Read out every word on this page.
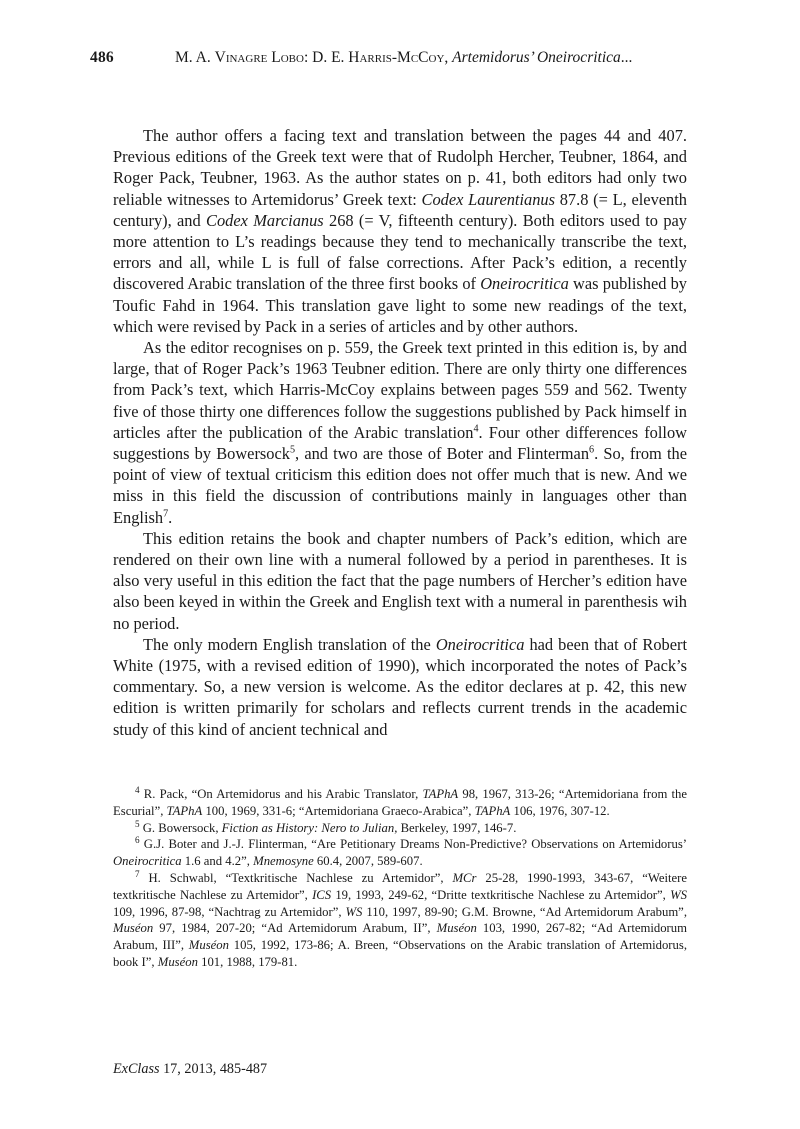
486	M. A. Vinagre Lobo: D. E. Harris-McCoy, Artemidorus’ Oneirocritica...

The author offers a facing text and translation between the pages 44 and 407. Previous editions of the Greek text were that of Rudolph Hercher, Teubner, 1864, and Roger Pack, Teubner, 1963. As the author states on p. 41, both editors had only two reliable witnesses to Artemidorus’ Greek text: Codex Laurentianus 87.8 (= L, eleventh century), and Codex Marcianus 268 (= V, fifteenth century). Both editors used to pay more attention to L’s readings because they tend to mechanically transcribe the text, errors and all, while L is full of false corrections. After Pack’s edition, a recently discovered Arabic translation of the three first books of Oneirocritica was published by Toufic Fahd in 1964. This translation gave light to some new readings of the text, which were revised by Pack in a series of articles and by other authors.

As the editor recognises on p. 559, the Greek text printed in this edition is, by and large, that of Roger Pack’s 1963 Teubner edition. There are only thirty one differences from Pack’s text, which Harris-McCoy explains between pages 559 and 562. Twenty five of those thirty one differences follow the suggestions published by Pack himself in articles after the publication of the Arabic translation$^4$. Four other differences follow suggestions by Bowersock$^5$, and two are those of Boter and Flinterman$^6$. So, from the point of view of textual criticism this edition does not offer much that is new. And we miss in this field the discussion of contributions mainly in languages other than English$^7$.

This edition retains the book and chapter numbers of Pack’s edition, which are rendered on their own line with a numeral followed by a period in parentheses. It is also very useful in this edition the fact that the page numbers of Hercher’s edition have also been keyed in within the Greek and English text with a numeral in parenthesis wih no period.

The only modern English translation of the Oneirocritica had been that of Robert White (1975, with a revised edition of 1990), which incorporated the notes of Pack’s commentary. So, a new version is welcome. As the editor declares at p. 42, this new edition is written primarily for scholars and reflects current trends in the academic study of this kind of ancient technical and

$^4$ R. Pack, “On Artemidorus and his Arabic Translator, TAPhA 98, 1967, 313-26; “Artemidoriana from the Escurial”, TAPhA 100, 1969, 331-6; “Artemidoriana Graeco-Arabica”, TAPhA 106, 1976, 307-12.

$^5$ G. Bowersock, Fiction as History: Nero to Julian, Berkeley, 1997, 146-7.

$^6$ G.J. Boter and J.-J. Flinterman, “Are Petitionary Dreams Non-Predictive? Observations on Artemidorus’ Oneirocritica 1.6 and 4.2”, Mnemosyne 60.4, 2007, 589-607.

$^7$ H. Schwabl, “Textkritische Nachlese zu Artemidor”, MCr 25-28, 1990-1993, 343-67, “Weitere textkritische Nachlese zu Artemidor”, ICS 19, 1993, 249-62, “Dritte textkritische Nachlese zu Artemidor”, WS 109, 1996, 87-98, “Nachtrag zu Artemidor”, WS 110, 1997, 89-90; G.M. Browne, “Ad Artemidorum Arabum”, Muséon 97, 1984, 207-20; “Ad Artemidorum Arabum, II”, Muséon 103, 1990, 267-82; “Ad Artemidorum Arabum, III”, Muséon 105, 1992, 173-86; A. Breen, “Observations on the Arabic translation of Artemidorus, book I”, Muséon 101, 1988, 179-81.

ExClass 17, 2013, 485-487
